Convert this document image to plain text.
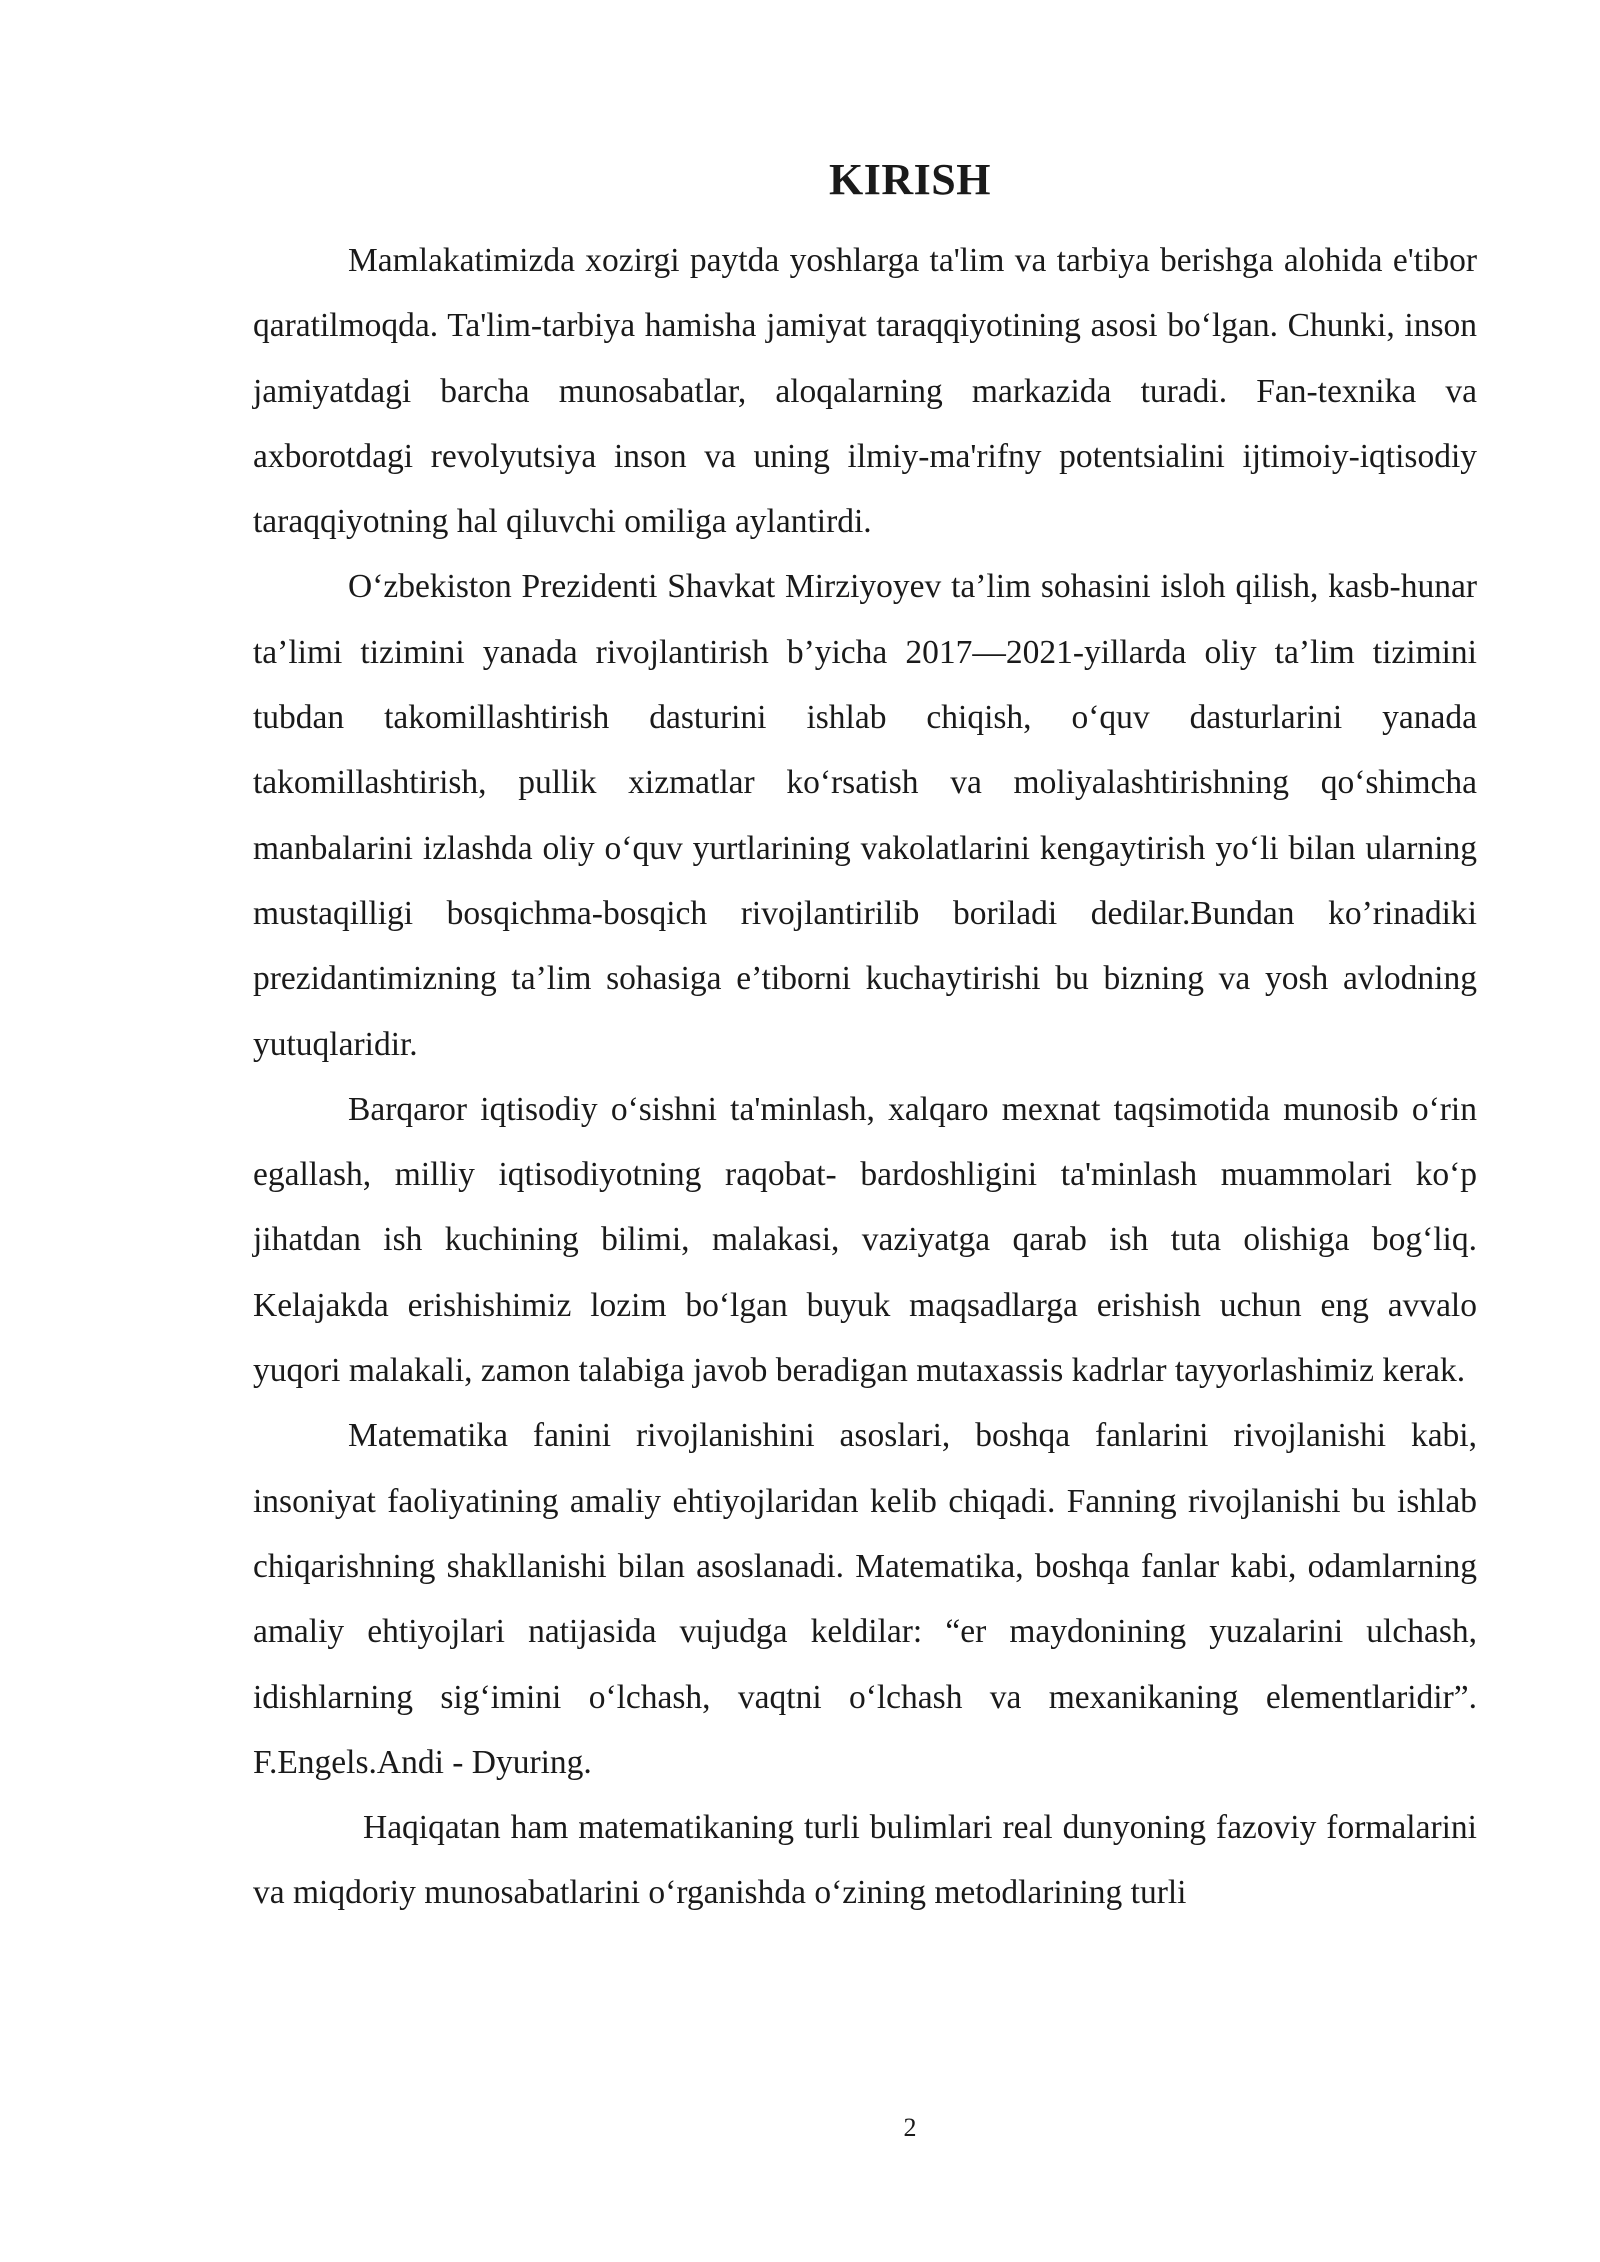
KIRISH

Mamlakatimizda xozirgi paytda yoshlarga ta'lim va tarbiya berishga alohida e'tibor qaratilmoqda. Ta'lim-tarbiya hamisha jamiyat taraqqiyotining asosi bo‘lgan. Chunki, inson jamiyatdagi barcha munosabatlar, aloqalarning markazida turadi. Fan-texnika va axborotdagi revolyutsiya inson va uning ilmiy-ma'rifny potentsialini ijtimoiy-iqtisodiy taraqqiyotning hal qiluvchi omiliga aylantirdi.

O‘zbekiston Prezidenti Shavkat Mirziyoyev ta’lim sohasini isloh qilish, kasb-hunar ta’limi tizimini yanada rivojlantirish b’yicha 2017—2021-yillarda oliy ta’lim tizimini tubdan takomillashtirish dasturini ishlab chiqish, o‘quv dasturlarini yanada takomillashtirish, pullik xizmatlar ko‘rsatish va moliyalashtirishning qo‘shimcha manbalarini izlashda oliy o‘quv yurtlarining vakolatlarini kengaytirish yo‘li bilan ularning mustaqilligi bosqichma-bosqich rivojlantirilib boriladi dedilar.Bundan ko’rinadiki prezidantimizning ta’lim sohasiga e’tiborni kuchaytirishi bu bizning va yosh avlodning yutuqlaridir.

Barqaror iqtisodiy o‘sishni ta'minlash, xalqaro mexnat taqsimotida munosib o‘rin egallash, milliy iqtisodiyotning raqobat- bardoshligini ta'minlash muammolari ko‘p jihatdan ish kuchining bilimi, malakasi, vaziyatga qarab ish tuta olishiga bog‘liq. Kelajakda erishishimiz lozim bo‘lgan buyuk maqsadlarga erishish uchun eng avvalo yuqori malakali, zamon talabiga javob beradigan mutaxassis kadrlar tayyorlashimiz kerak.

Matematika fanini rivojlanishini asoslari, boshqa fanlarini rivojlanishi kabi, insoniyat faoliyatining amaliy ehtiyojlaridan kelib chiqadi. Fanning rivojlanishi bu ishlab chiqarishning shakllanishi bilan asoslanadi. Matematika, boshqa fanlar kabi, odamlarning amaliy ehtiyojlari natijasida vujudga keldilar: “er maydonining yuzalarini ulchash, idishlarning sig‘imini o‘lchash, vaqtni o‘lchash va mexanikaning elementlaridir”. F.Engels.Andi - Dyuring.

Haqiqatan ham matematikaning turli bulimlari real dunyoning fazoviy formalarini va miqdoriy munosabatlarini o‘rganishda o‘zining metodlarining turli

2
